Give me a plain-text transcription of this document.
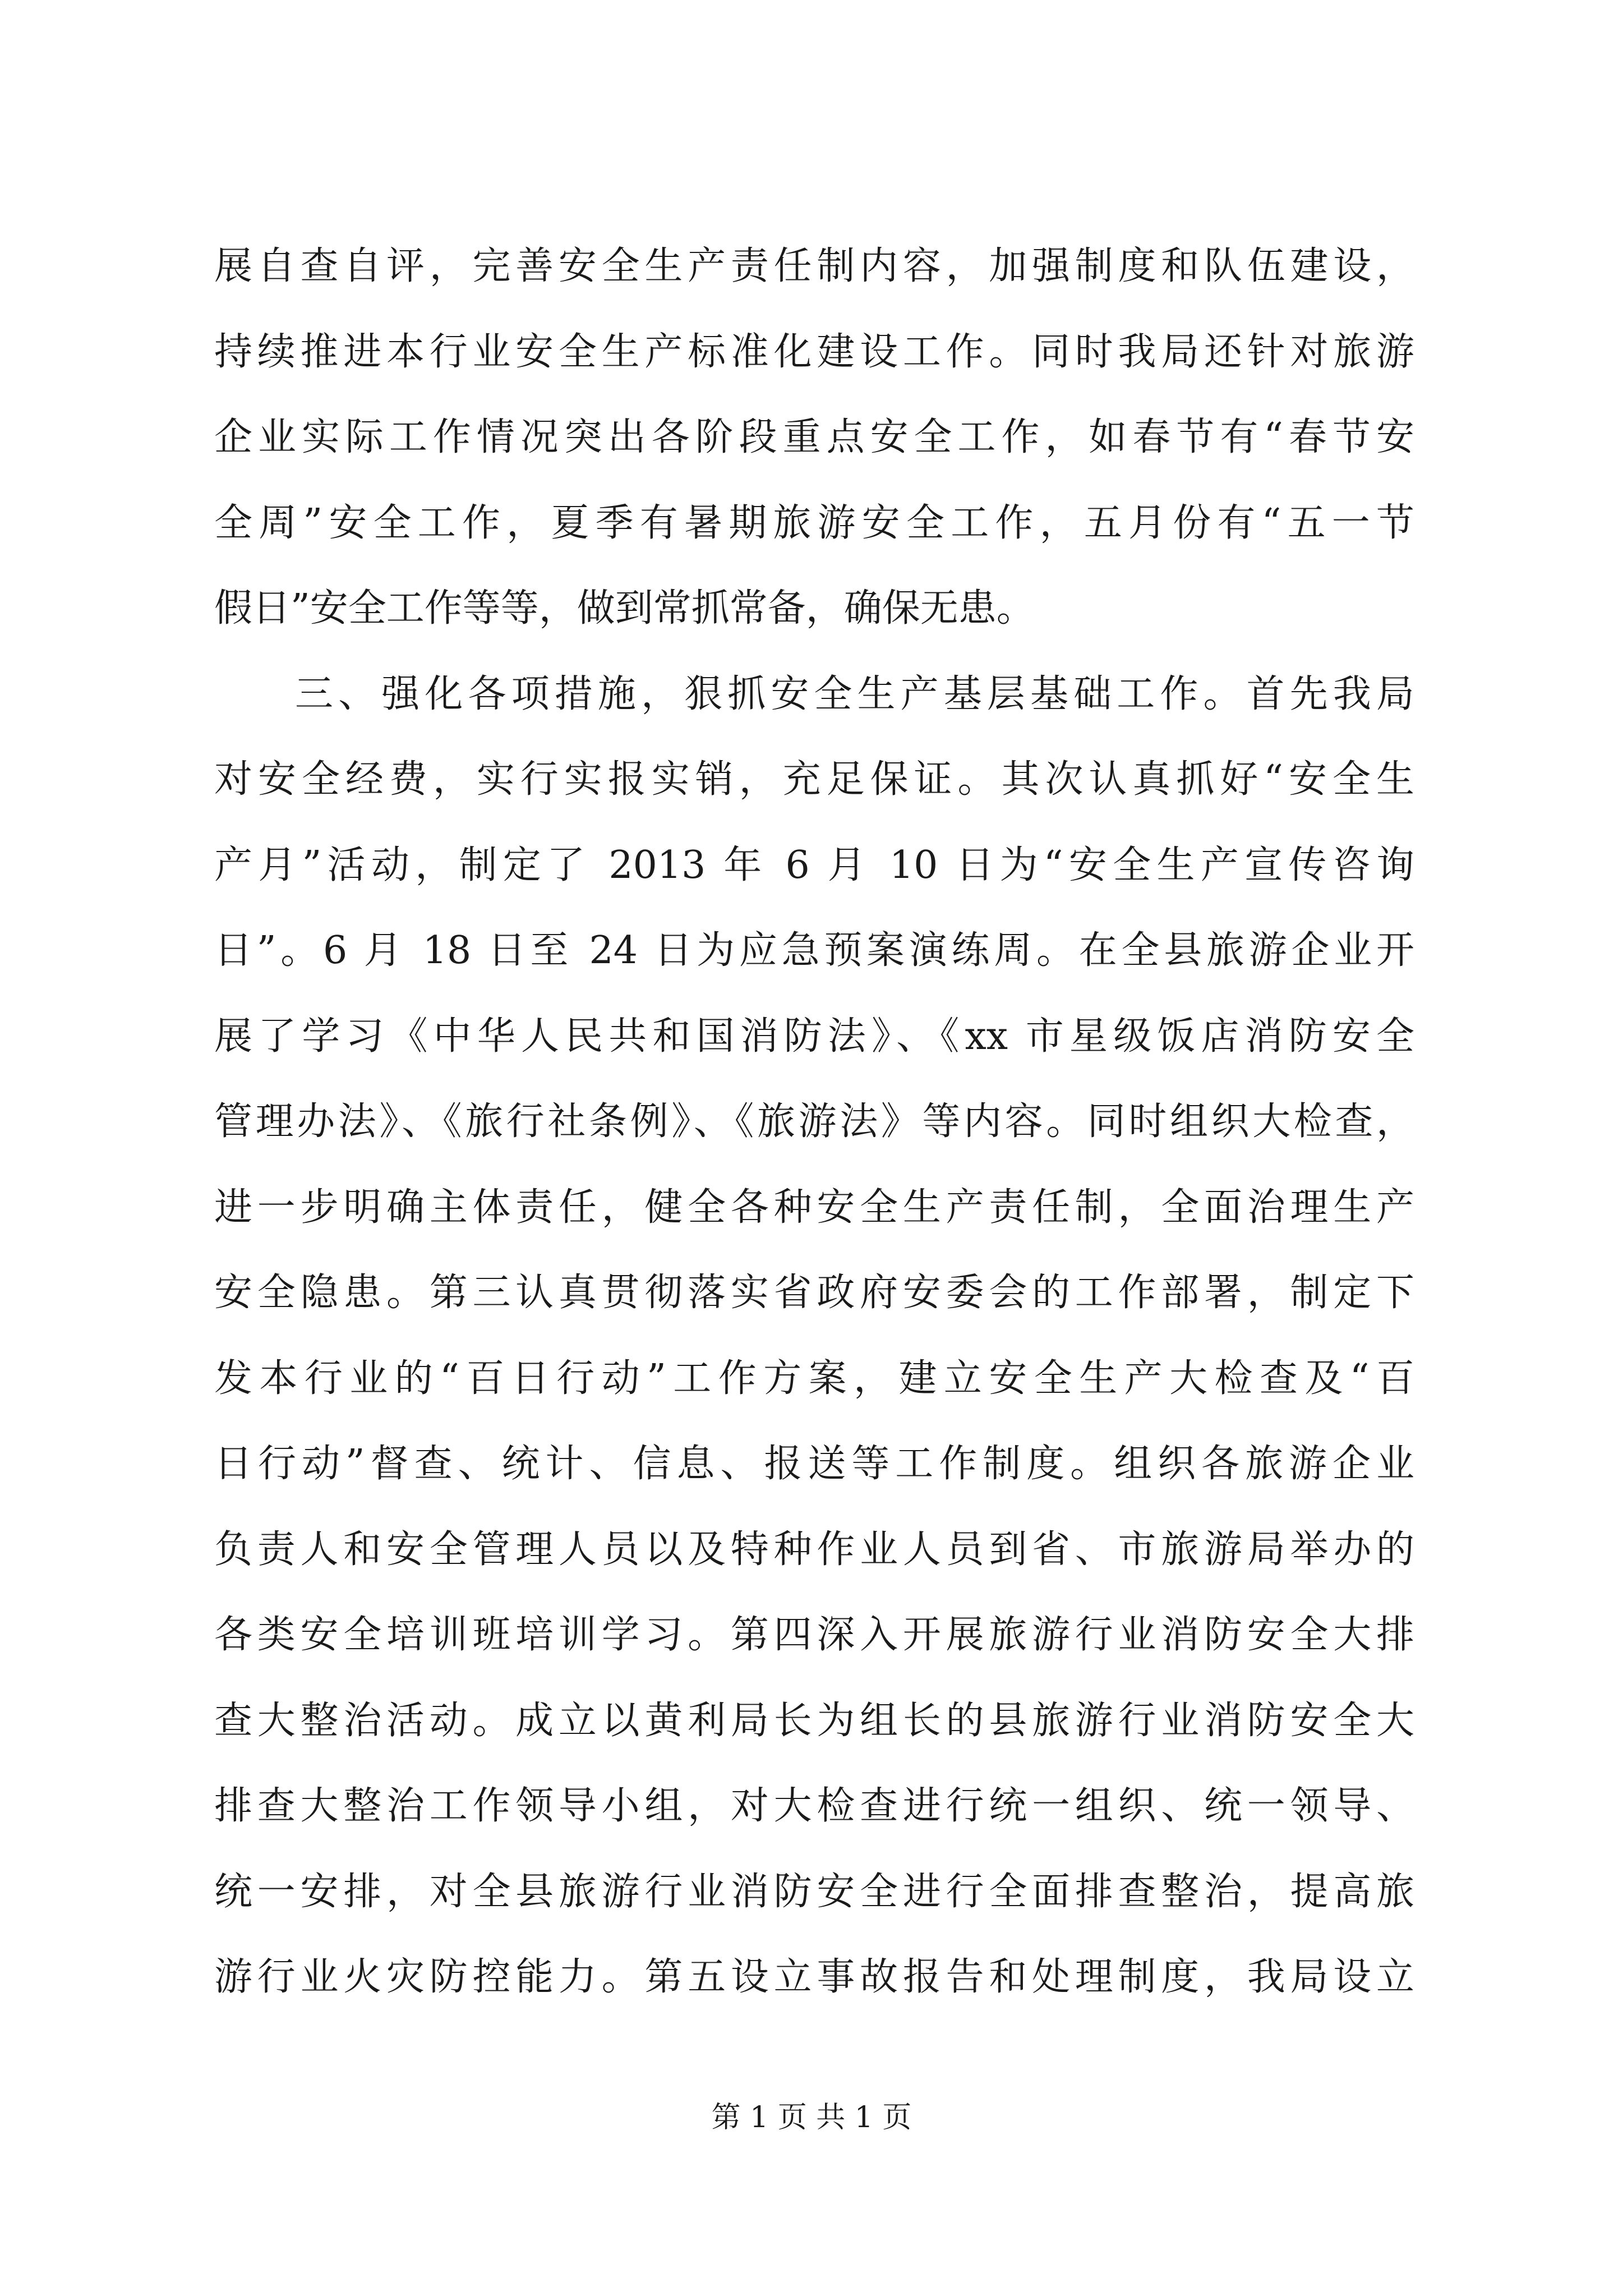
展自查自评，完善安全生产责任制内容，加强制度和队伍建设，
持续推进本行业安全生产标准化建设工作。同时我局还针对旅游
企业实际工作情况突出各阶段重点安全工作，如春节有“春节安
全周”安全工作，夏季有暑期旅游安全工作，五月份有“五一节
假日”安全工作等等，做到常抓常备，确保无患。
三、强化各项措施，狠抓安全生产基层基础工作。首先我局
对安全经费，实行实报实销，充足保证。其次认真抓好“安全生
产月”活动，制定了 2013 年 6 月 10 日为“安全生产宣传咨询
日”。6 月 18 日至 24 日为应急预案演练周。在全县旅游企业开
展了学习《中华人民共和国消防法》、《xx 市星级饭店消防安全
管理办法》、《旅行社条例》、《旅游法》等内容。同时组织大检查，
进一步明确主体责任，健全各种安全生产责任制，全面治理生产
安全隐患。第三认真贯彻落实省政府安委会的工作部署，制定下
发本行业的“百日行动”工作方案，建立安全生产大检查及“百
日行动”督查、统计、信息、报送等工作制度。组织各旅游企业
负责人和安全管理人员以及特种作业人员到省、市旅游局举办的
各类安全培训班培训学习。第四深入开展旅游行业消防安全大排
查大整治活动。成立以黄利局长为组长的县旅游行业消防安全大
排查大整治工作领导小组，对大检查进行统一组织、统一领导、
统一安排，对全县旅游行业消防安全进行全面排查整治，提高旅
游行业火灾防控能力。第五设立事故报告和处理制度，我局设立
第 1 页 共 1 页
